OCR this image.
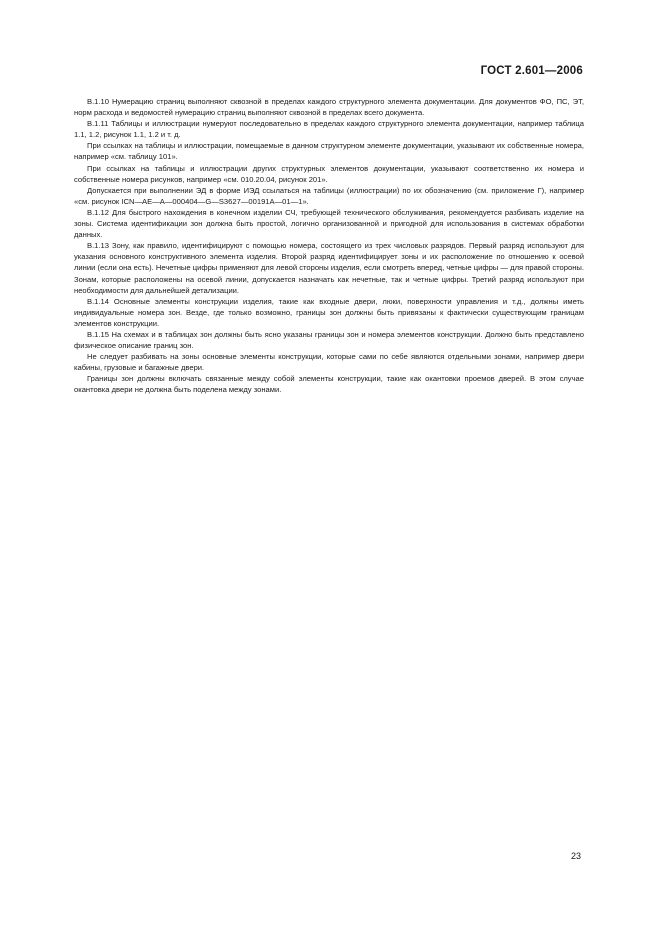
ГОСТ 2.601—2006

B.1.10 Нумерацию страниц выполняют сквозной в пределах каждого структурного элемента документации. Для документов ФО, ПС, ЭТ, норм расхода и ведомостей нумерацию страниц выполняют сквозной в пределах всего документа.

B.1.11 Таблицы и иллюстрации нумеруют последовательно в пределах каждого структурного элемента документации, например таблица 1.1, 1.2, рисунок 1.1, 1.2 и т. д.

При ссылках на таблицы и иллюстрации, помещаемые в данном структурном элементе документации, указывают их собственные номера, например «см. таблицу 101».

При ссылках на таблицы и иллюстрации других структурных элементов документации, указывают соответственно их номера и собственные номера рисунков, например «см. 010.20.04, рисунок 201».

Допускается при выполнении ЭД в форме ИЭД ссылаться на таблицы (иллюстрации) по их обозначению (см. приложение Г), например «см. рисунок ICN—AE—A—000404—G—S3627—00191A—01—1».

B.1.12 Для быстрого нахождения в конечном изделии СЧ, требующей технического обслуживания, рекомендуется разбивать изделие на зоны. Система идентификации зон должна быть простой, логично организованной и пригодной для использования в системах обработки данных.

B.1.13 Зону, как правило, идентифицируют с помощью номера, состоящего из трех числовых разрядов. Первый разряд используют для указания основного конструктивного элемента изделия. Второй разряд идентифицирует зоны и их расположение по отношению к осевой линии (если она есть). Нечетные цифры применяют для левой стороны изделия, если смотреть вперед, четные цифры — для правой стороны. Зонам, которые расположены на осевой линии, допускается назначать как нечетные, так и четные цифры. Третий разряд используют при необходимости для дальнейшей детализации.

B.1.14 Основные элементы конструкции изделия, такие как входные двери, люки, поверхности управления и т.д., должны иметь индивидуальные номера зон. Везде, где только возможно, границы зон должны быть привязаны к фактически существующим границам элементов конструкции.

B.1.15 На схемах и в таблицах зон должны быть ясно указаны границы зон и номера элементов конструкции. Должно быть представлено физическое описание границ зон.

Не следует разбивать на зоны основные элементы конструкции, которые сами по себе являются отдельными зонами, например двери кабины, грузовые и багажные двери.

Границы зон должны включать связанные между собой элементы конструкции, такие как окантовки проемов дверей. В этом случае окантовка двери не должна быть поделена между зонами.

23
